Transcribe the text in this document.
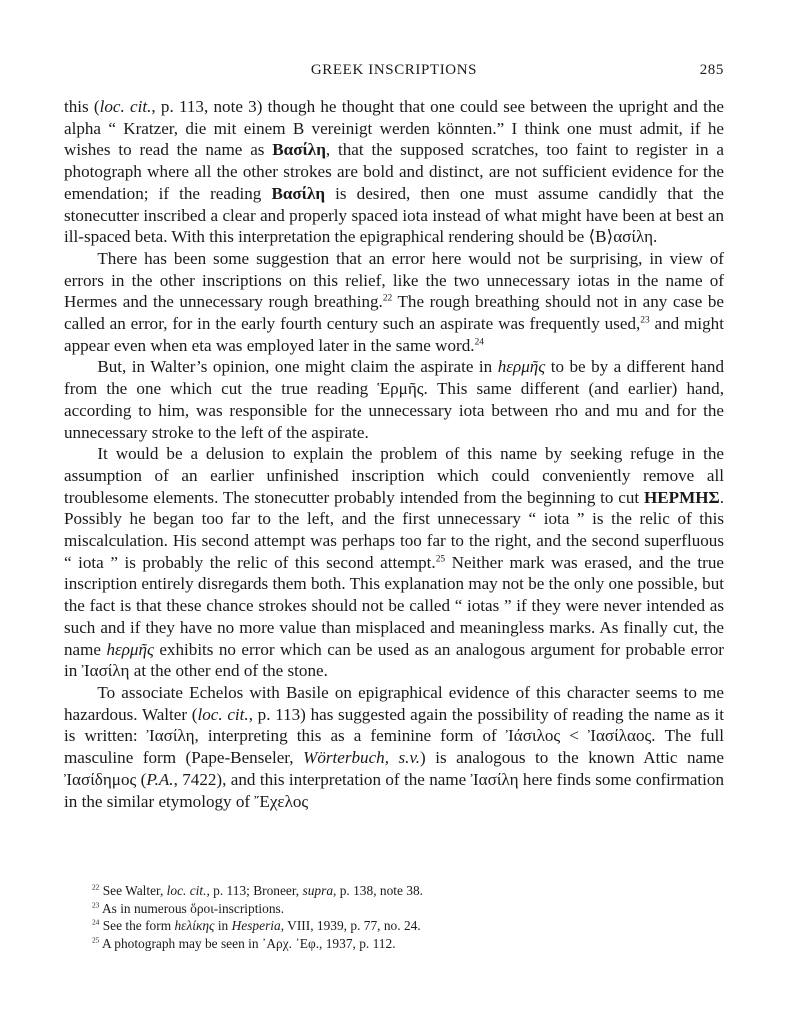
GREEK INSCRIPTIONS	285

this (loc. cit., p. 113, note 3) though he thought that one could see between the upright and the alpha “ Kratzer, die mit einem B vereinigt werden könnten.” I think one must admit, if he wishes to read the name as Βασίλη, that the supposed scratches, too faint to register in a photograph where all the other strokes are bold and distinct, are not sufficient evidence for the emendation; if the reading Βασίλη is desired, then one must assume candidly that the stonecutter inscribed a clear and properly spaced iota instead of what might have been at best an ill-spaced beta. With this interpretation the epigraphical rendering should be ⟨B⟩ασίλη.

There has been some suggestion that an error here would not be surprising, in view of errors in the other inscriptions on this relief, like the two unnecessary iotas in the name of Hermes and the unnecessary rough breathing.$^{22}$ The rough breathing should not in any case be called an error, for in the early fourth century such an aspirate was frequently used,$^{23}$ and might appear even when eta was employed later in the same word.$^{24}$

But, in Walter’s opinion, one might claim the aspirate in hερμῆς to be by a different hand from the one which cut the true reading Ἑρμῆς. This same different (and earlier) hand, according to him, was responsible for the unnecessary iota between rho and mu and for the unnecessary stroke to the left of the aspirate.

It would be a delusion to explain the problem of this name by seeking refuge in the assumption of an earlier unfinished inscription which could conveniently remove all troublesome elements. The stonecutter probably intended from the beginning to cut ΗΕΡΜΗΣ. Possibly he began too far to the left, and the first unnecessary “ iota ” is the relic of this miscalculation. His second attempt was perhaps too far to the right, and the second superfluous “ iota ” is probably the relic of this second attempt.$^{25}$ Neither mark was erased, and the true inscription entirely disregards them both. This explanation may not be the only one possible, but the fact is that these chance strokes should not be called “ iotas ” if they were never intended as such and if they have no more value than misplaced and meaningless marks. As finally cut, the name hερμῆς exhibits no error which can be used as an analogous argument for probable error in Ἰασίλη at the other end of the stone.

To associate Echelos with Basile on epigraphical evidence of this character seems to me hazardous. Walter (loc. cit., p. 113) has suggested again the possibility of reading the name as it is written: Ἰασίλη, interpreting this as a feminine form of Ἰάσιλος < Ἰασίλαος. The full masculine form (Pape-Benseler, Wörterbuch, s.v.) is analogous to the known Attic name Ἰασίδημος (P.A., 7422), and this interpretation of the name Ἰασίλη here finds some confirmation in the similar etymology of Ἔχελος

$^{22}$ See Walter, loc. cit., p. 113; Broneer, supra, p. 138, note 38.

$^{23}$ As in numerous ὅροι-inscriptions.

$^{24}$ See the form hελίκης in Hesperia, VIII, 1939, p. 77, no. 24.

$^{25}$ A photograph may be seen in ᾽Αρχ. ᾽Εφ., 1937, p. 112.
